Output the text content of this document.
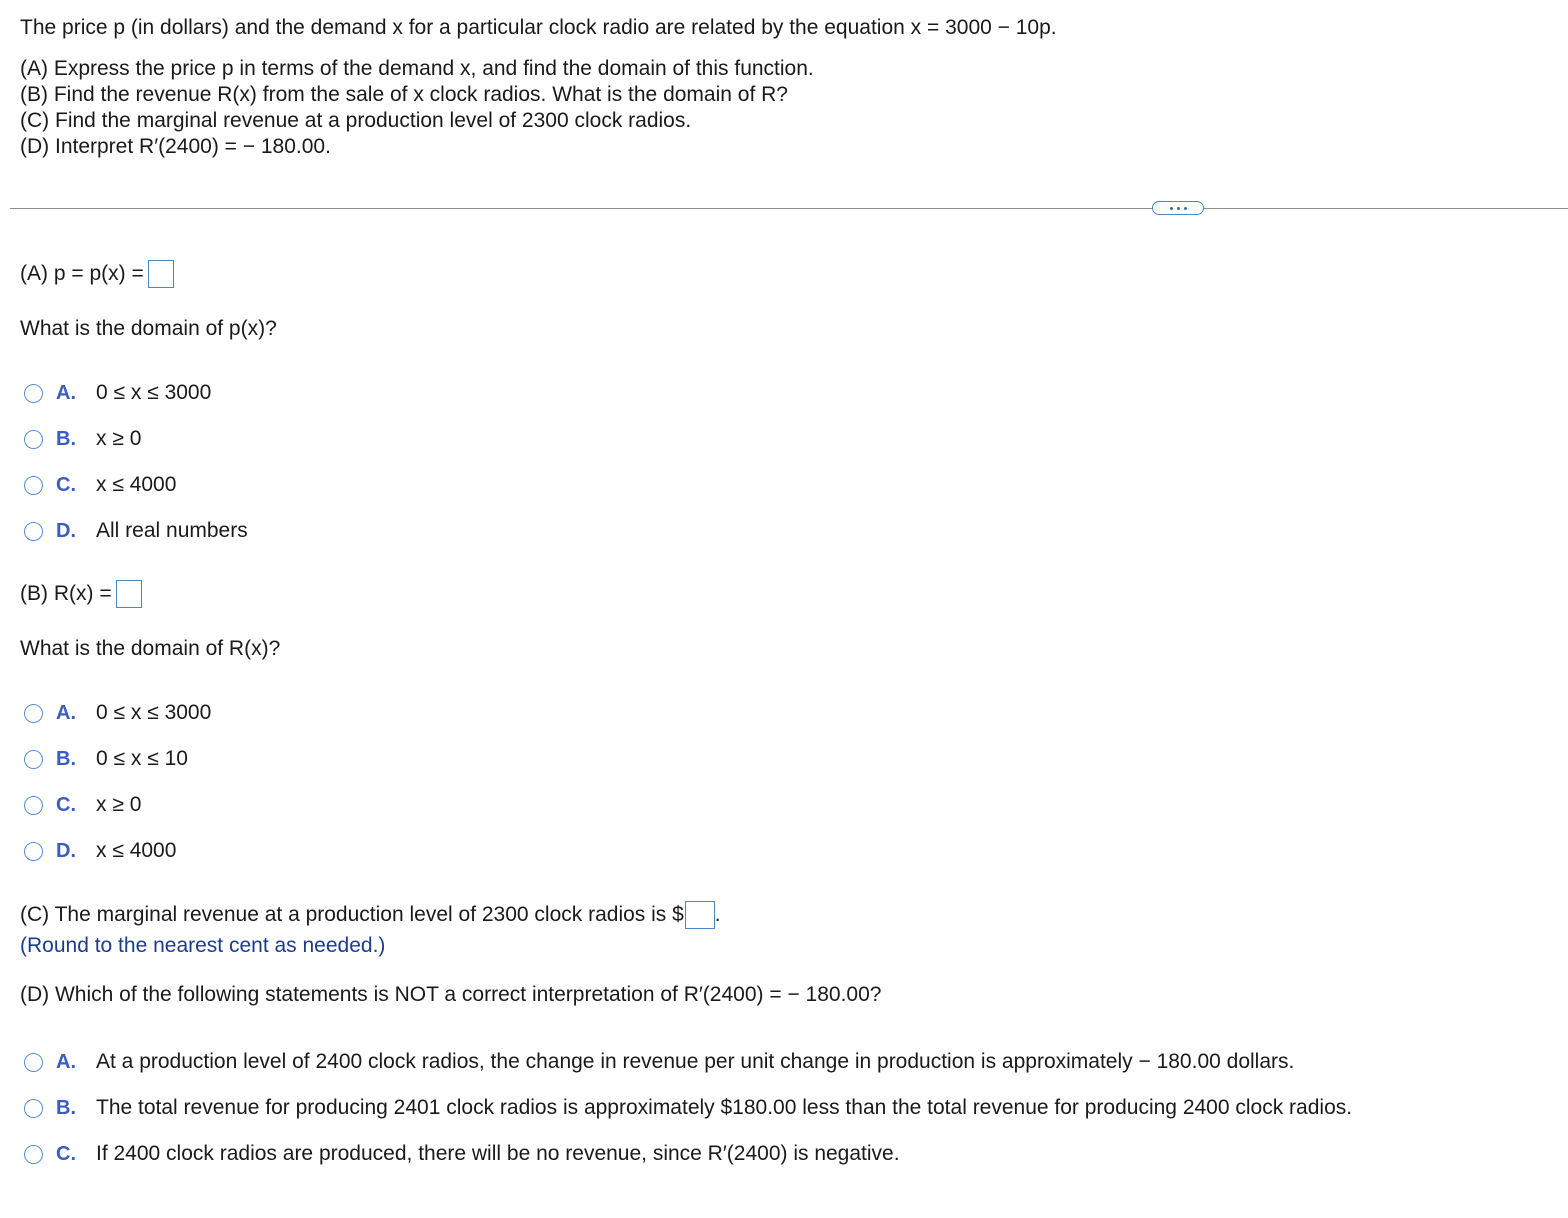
The price p (in dollars) and the demand x for a particular clock radio are related by the equation x = 3000 − 10p.
(A) Express the price p in terms of the demand x, and find the domain of this function.
(B) Find the revenue R(x) from the sale of x clock radios. What is the domain of R?
(C) Find the marginal revenue at a production level of 2300 clock radios.
(D) Interpret R′(2400) = − 180.00.
(A) p = p(x) =
What is the domain of p(x)?
A. 0 ≤ x ≤ 3000
B. x ≥ 0
C. x ≤ 4000
D. All real numbers
(B) R(x) =
What is the domain of R(x)?
A. 0 ≤ x ≤ 3000
B. 0 ≤ x ≤ 10
C. x ≥ 0
D. x ≤ 4000
(C) The marginal revenue at a production level of 2300 clock radios is $ .
(Round to the nearest cent as needed.)
(D) Which of the following statements is NOT a correct interpretation of R′(2400) = − 180.00?
A. At a production level of 2400 clock radios, the change in revenue per unit change in production is approximately − 180.00 dollars.
B. The total revenue for producing 2401 clock radios is approximately $180.00 less than the total revenue for producing 2400 clock radios.
C. If 2400 clock radios are produced, there will be no revenue, since R′(2400) is negative.
